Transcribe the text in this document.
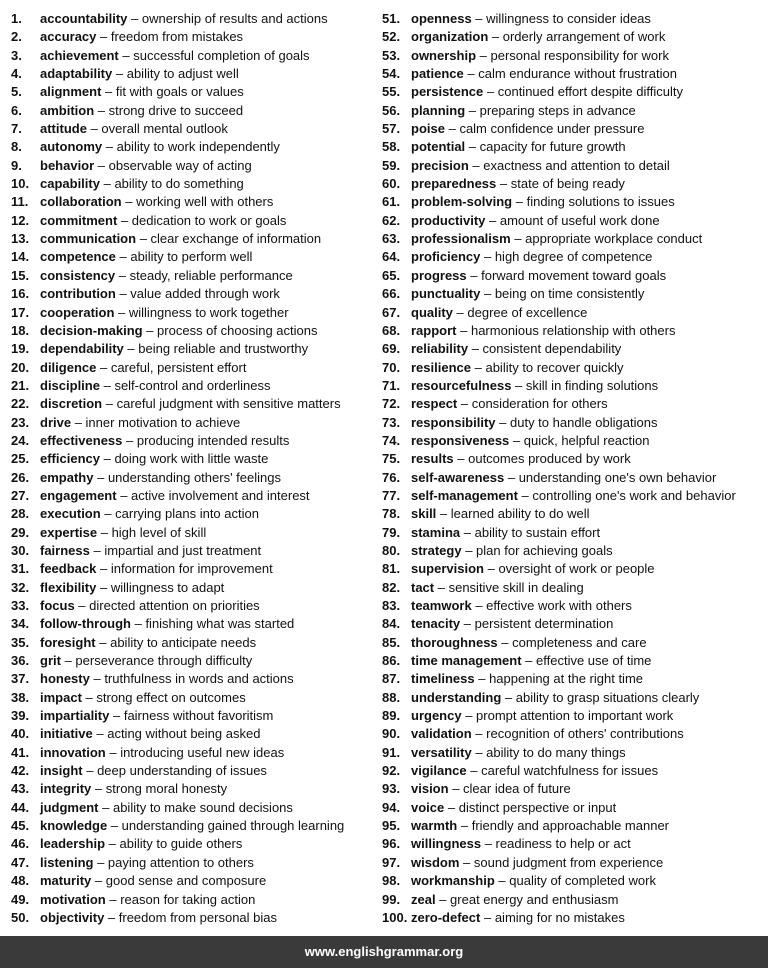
1. accountability – ownership of results and actions
2. accuracy – freedom from mistakes
3. achievement – successful completion of goals
4. adaptability – ability to adjust well
5. alignment – fit with goals or values
6. ambition – strong drive to succeed
7. attitude – overall mental outlook
8. autonomy – ability to work independently
9. behavior – observable way of acting
10. capability – ability to do something
11. collaboration – working well with others
12. commitment – dedication to work or goals
13. communication – clear exchange of information
14. competence – ability to perform well
15. consistency – steady, reliable performance
16. contribution – value added through work
17. cooperation – willingness to work together
18. decision-making – process of choosing actions
19. dependability – being reliable and trustworthy
20. diligence – careful, persistent effort
21. discipline – self-control and orderliness
22. discretion – careful judgment with sensitive matters
23. drive – inner motivation to achieve
24. effectiveness – producing intended results
25. efficiency – doing work with little waste
26. empathy – understanding others' feelings
27. engagement – active involvement and interest
28. execution – carrying plans into action
29. expertise – high level of skill
30. fairness – impartial and just treatment
31. feedback – information for improvement
32. flexibility – willingness to adapt
33. focus – directed attention on priorities
34. follow-through – finishing what was started
35. foresight – ability to anticipate needs
36. grit – perseverance through difficulty
37. honesty – truthfulness in words and actions
38. impact – strong effect on outcomes
39. impartiality – fairness without favoritism
40. initiative – acting without being asked
41. innovation – introducing useful new ideas
42. insight – deep understanding of issues
43. integrity – strong moral honesty
44. judgment – ability to make sound decisions
45. knowledge – understanding gained through learning
46. leadership – ability to guide others
47. listening – paying attention to others
48. maturity – good sense and composure
49. motivation – reason for taking action
50. objectivity – freedom from personal bias
51. openness – willingness to consider ideas
52. organization – orderly arrangement of work
53. ownership – personal responsibility for work
54. patience – calm endurance without frustration
55. persistence – continued effort despite difficulty
56. planning – preparing steps in advance
57. poise – calm confidence under pressure
58. potential – capacity for future growth
59. precision – exactness and attention to detail
60. preparedness – state of being ready
61. problem-solving – finding solutions to issues
62. productivity – amount of useful work done
63. professionalism – appropriate workplace conduct
64. proficiency – high degree of competence
65. progress – forward movement toward goals
66. punctuality – being on time consistently
67. quality – degree of excellence
68. rapport – harmonious relationship with others
69. reliability – consistent dependability
70. resilience – ability to recover quickly
71. resourcefulness – skill in finding solutions
72. respect – consideration for others
73. responsibility – duty to handle obligations
74. responsiveness – quick, helpful reaction
75. results – outcomes produced by work
76. self-awareness – understanding one's own behavior
77. self-management – controlling one's work and behavior
78. skill – learned ability to do well
79. stamina – ability to sustain effort
80. strategy – plan for achieving goals
81. supervision – oversight of work or people
82. tact – sensitive skill in dealing
83. teamwork – effective work with others
84. tenacity – persistent determination
85. thoroughness – completeness and care
86. time management – effective use of time
87. timeliness – happening at the right time
88. understanding – ability to grasp situations clearly
89. urgency – prompt attention to important work
90. validation – recognition of others' contributions
91. versatility – ability to do many things
92. vigilance – careful watchfulness for issues
93. vision – clear idea of future
94. voice – distinct perspective or input
95. warmth – friendly and approachable manner
96. willingness – readiness to help or act
97. wisdom – sound judgment from experience
98. workmanship – quality of completed work
99. zeal – great energy and enthusiasm
100. zero-defect – aiming for no mistakes
www.englishgrammar.org
